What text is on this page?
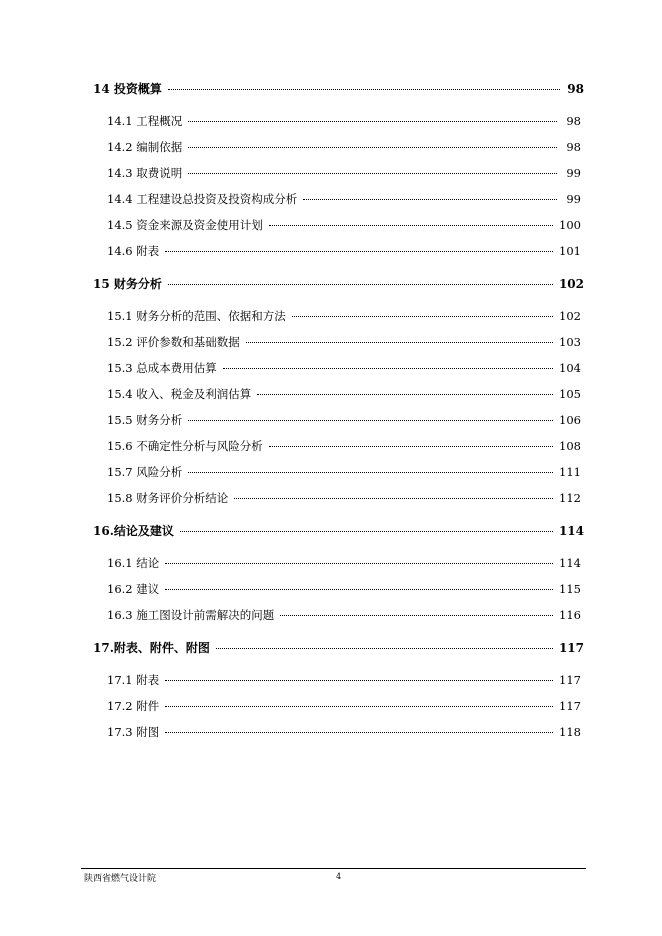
14 投资概算	98
14.1 工程概况	98
14.2 编制依据	98
14.3 取费说明	99
14.4 工程建设总投资及投资构成分析	99
14.5 资金来源及资金使用计划	100
14.6 附表	101
15 财务分析	102
15.1 财务分析的范围、依据和方法	102
15.2 评价参数和基础数据	103
15.3 总成本费用估算	104
15.4 收入、税金及利润估算	105
15.5 财务分析	106
15.6 不确定性分析与风险分析	108
15.7 风险分析	111
15.8 财务评价分析结论	112
16.结论及建议	114
16.1 结论	114
16.2 建议	115
16.3 施工图设计前需解决的问题	116
17.附表、附件、附图	117
17.1 附表	117
17.2 附件	117
17.3 附图	118
陕西省燃气设计院	4
